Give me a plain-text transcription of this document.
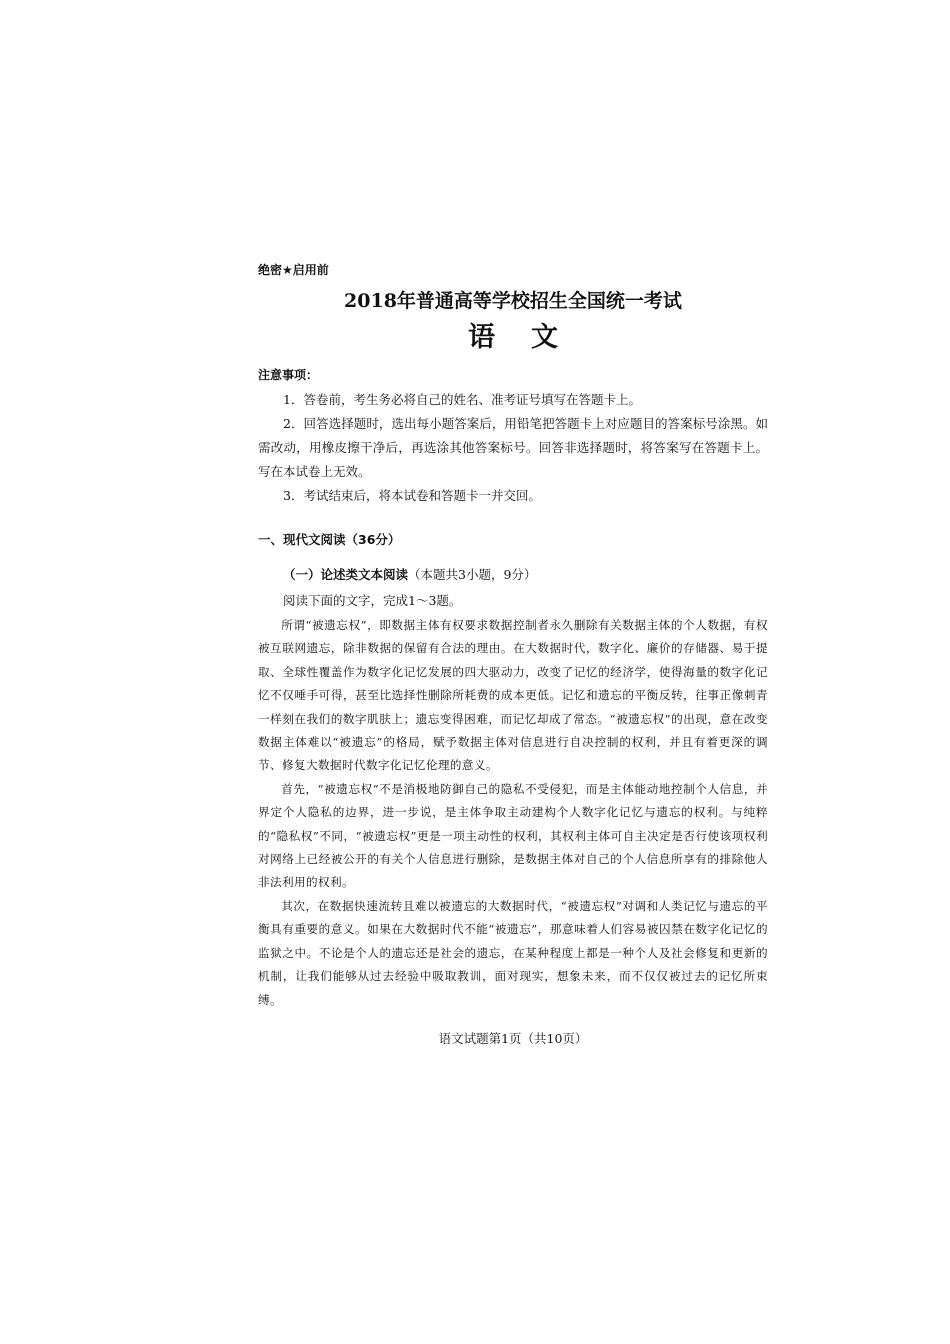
绝密★启用前
2018年普通高等学校招生全国统一考试
语文
注意事项：

1．答卷前，考生务必将自己的姓名、准考证号填写在答题卡上。

2．回答选择题时，选出每小题答案后，用铅笔把答题卡上对应题目的答案标号涂黑。如需改动，用橡皮擦干净后，再选涂其他答案标号。回答非选择题时，将答案写在答题卡上。写在本试卷上无效。

3．考试结束后，将本试卷和答题卡一并交回。

一、现代文阅读（36分）
（一）论述类文本阅读（本题共3小题，9分）
阅读下面的文字，完成1～3题。

所谓“被遗忘权”，即数据主体有权要求数据控制者永久删除有关数据主体的个人数据，有权被互联网遗忘，除非数据的保留有合法的理由。在大数据时代，数字化、廉价的存储器、易于提取、全球性覆盖作为数字化记忆发展的四大驱动力，改变了记忆的经济学，使得海量的数字化记忆不仅唾手可得，甚至比选择性删除所耗费的成本更低。记忆和遗忘的平衡反转，往事正像刺青一样刻在我们的数字肌肤上；遗忘变得困难，而记忆却成了常态。“被遗忘权”的出现，意在改变数据主体难以“被遗忘”的格局，赋予数据主体对信息进行自决控制的权利，并且有着更深的调节、修复大数据时代数字化记忆伦理的意义。

首先，“被遗忘权”不是消极地防御自己的隐私不受侵犯，而是主体能动地控制个人信息，并界定个人隐私的边界，进一步说，是主体争取主动建构个人数字化记忆与遗忘的权利。与纯粹的“隐私权”不同，“被遗忘权”更是一项主动性的权利，其权利主体可自主决定是否行使该项权利对网络上已经被公开的有关个人信息进行删除，是数据主体对自己的个人信息所享有的排除他人非法利用的权利。

其次，在数据快速流转且难以被遗忘的大数据时代，“被遗忘权”对调和人类记忆与遗忘的平衡具有重要的意义。如果在大数据时代不能“被遗忘”，那意味着人们容易被囚禁在数字化记忆的监狱之中。不论是个人的遗忘还是社会的遗忘，在某种程度上都是一种个人及社会修复和更新的机制，让我们能够从过去经验中吸取教训，面对现实，想象未来，而不仅仅被过去的记忆所束缚。

语文试题第1页（共10页）
